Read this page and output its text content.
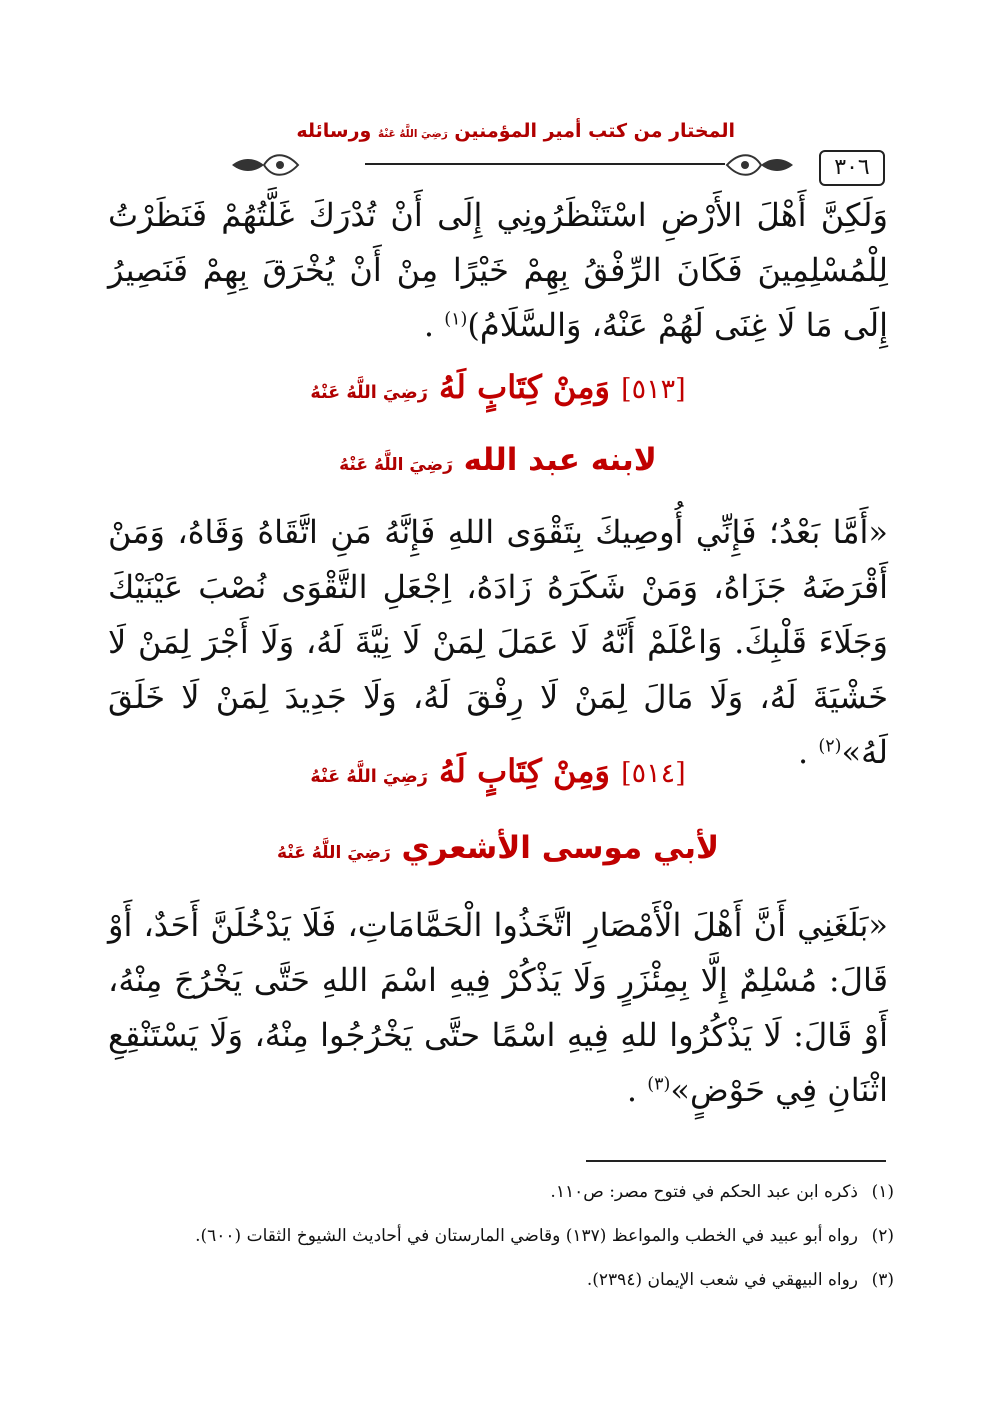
٣٠٦
المختار من كتب أمير المؤمنين رَضِيَ اللَّهُ عَنْهُ ورسائله
وَلَكِنَّ أَهْلَ الأَرْضِ اسْتَنْظَرُونِي إِلَى أَنْ تُدْرَكَ غَلَّتُهُمْ فَنَظَرْتُ لِلْمُسْلِمِينَ فَكَانَ الرِّفْقُ بِهِمْ خَيْرًا مِنْ أَنْ يُخْرَقَ بِهِمْ فَنَصِيرُ إِلَى مَا لَا غِنَى لَهُمْ عَنْهُ، وَالسَّلَامُ)$^{(١)}$ .
[٥١٣] وَمِنْ كِتَابٍ لَهُ رَضِيَ اللَّهُ عَنْهُ
لابنه عبد الله رَضِيَ اللَّهُ عَنْهُ
«أَمَّا بَعْدُ؛ فَإِنِّي أُوصِيكَ بِتَقْوَى اللهِ فَإِنَّهُ مَنِ اتَّقَاهُ وَقَاهُ، وَمَنْ أَقْرَضَهُ جَزَاهُ، وَمَنْ شَكَرَهُ زَادَهُ، اِجْعَلِ التَّقْوَى نُصْبَ عَيْنَيْكَ وَجَلَاءَ قَلْبِكَ. وَاعْلَمْ أَنَّهُ لَا عَمَلَ لِمَنْ لَا نِيَّةَ لَهُ، وَلَا أَجْرَ لِمَنْ لَا خَشْيَةَ لَهُ، وَلَا مَالَ لِمَنْ لَا رِفْقَ لَهُ، وَلَا جَدِيدَ لِمَنْ لَا خَلَقَ لَهُ»$^{(٢)}$ .
[٥١٤] وَمِنْ كِتَابٍ لَهُ رَضِيَ اللَّهُ عَنْهُ
لأبي موسى الأشعري رَضِيَ اللَّهُ عَنْهُ
«بَلَغَنِي أَنَّ أَهْلَ الْأَمْصَارِ اتَّخَذُوا الْحَمَّامَاتِ، فَلَا يَدْخُلَنَّ أَحَدٌ، أَوْ قَالَ: مُسْلِمٌ إِلَّا بِمِئْزَرٍ وَلَا يَذْكُرْ فِيهِ اسْمَ اللهِ حَتَّى يَخْرُجَ مِنْهُ، أَوْ قَالَ: لَا يَذْكُرُوا للهِ فِيهِ اسْمًا حتَّى يَخْرُجُوا مِنْهُ، وَلَا يَسْتَنْقِعِ اثْنَانِ فِي حَوْضٍ»$^{(٣)}$ .
(١)
ذكره ابن عبد الحكم في فتوح مصر: ص١١٠.
(٢)
رواه أبو عبيد في الخطب والمواعظ (١٣٧) وقاضي المارستان في أحاديث الشيوخ الثقات (٦٠٠).
(٣)
رواه البيهقي في شعب الإيمان (٢٣٩٤).
